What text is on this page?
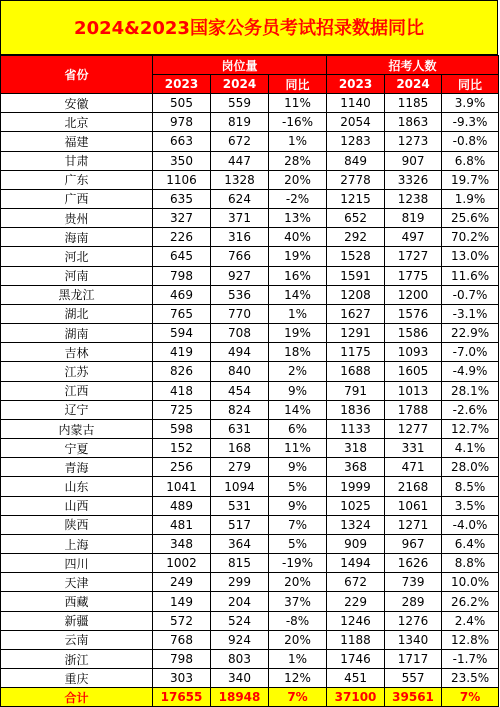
2024&2023国家公务员考试招录数据同比
省份	岗位量			招考人数		
	2023	2024	同比	2023	2024	同比
安徽	505	559	11%	1140	1185	3.9%
北京	978	819	-16%	2054	1863	-9.3%
福建	663	672	1%	1283	1273	-0.8%
甘肃	350	447	28%	849	907	6.8%
广东	1106	1328	20%	2778	3326	19.7%
广西	635	624	-2%	1215	1238	1.9%
贵州	327	371	13%	652	819	25.6%
海南	226	316	40%	292	497	70.2%
河北	645	766	19%	1528	1727	13.0%
河南	798	927	16%	1591	1775	11.6%
黑龙江	469	536	14%	1208	1200	-0.7%
湖北	765	770	1%	1627	1576	-3.1%
湖南	594	708	19%	1291	1586	22.9%
吉林	419	494	18%	1175	1093	-7.0%
江苏	826	840	2%	1688	1605	-4.9%
江西	418	454	9%	791	1013	28.1%
辽宁	725	824	14%	1836	1788	-2.6%
内蒙古	598	631	6%	1133	1277	12.7%
宁夏	152	168	11%	318	331	4.1%
青海	256	279	9%	368	471	28.0%
山东	1041	1094	5%	1999	2168	8.5%
山西	489	531	9%	1025	1061	3.5%
陕西	481	517	7%	1324	1271	-4.0%
上海	348	364	5%	909	967	6.4%
四川	1002	815	-19%	1494	1626	8.8%
天津	249	299	20%	672	739	10.0%
西藏	149	204	37%	229	289	26.2%
新疆	572	524	-8%	1246	1276	2.4%
云南	768	924	20%	1188	1340	12.8%
浙江	798	803	1%	1746	1717	-1.7%
重庆	303	340	12%	451	557	23.5%
合计	17655	18948	7%	37100	39561	7%
